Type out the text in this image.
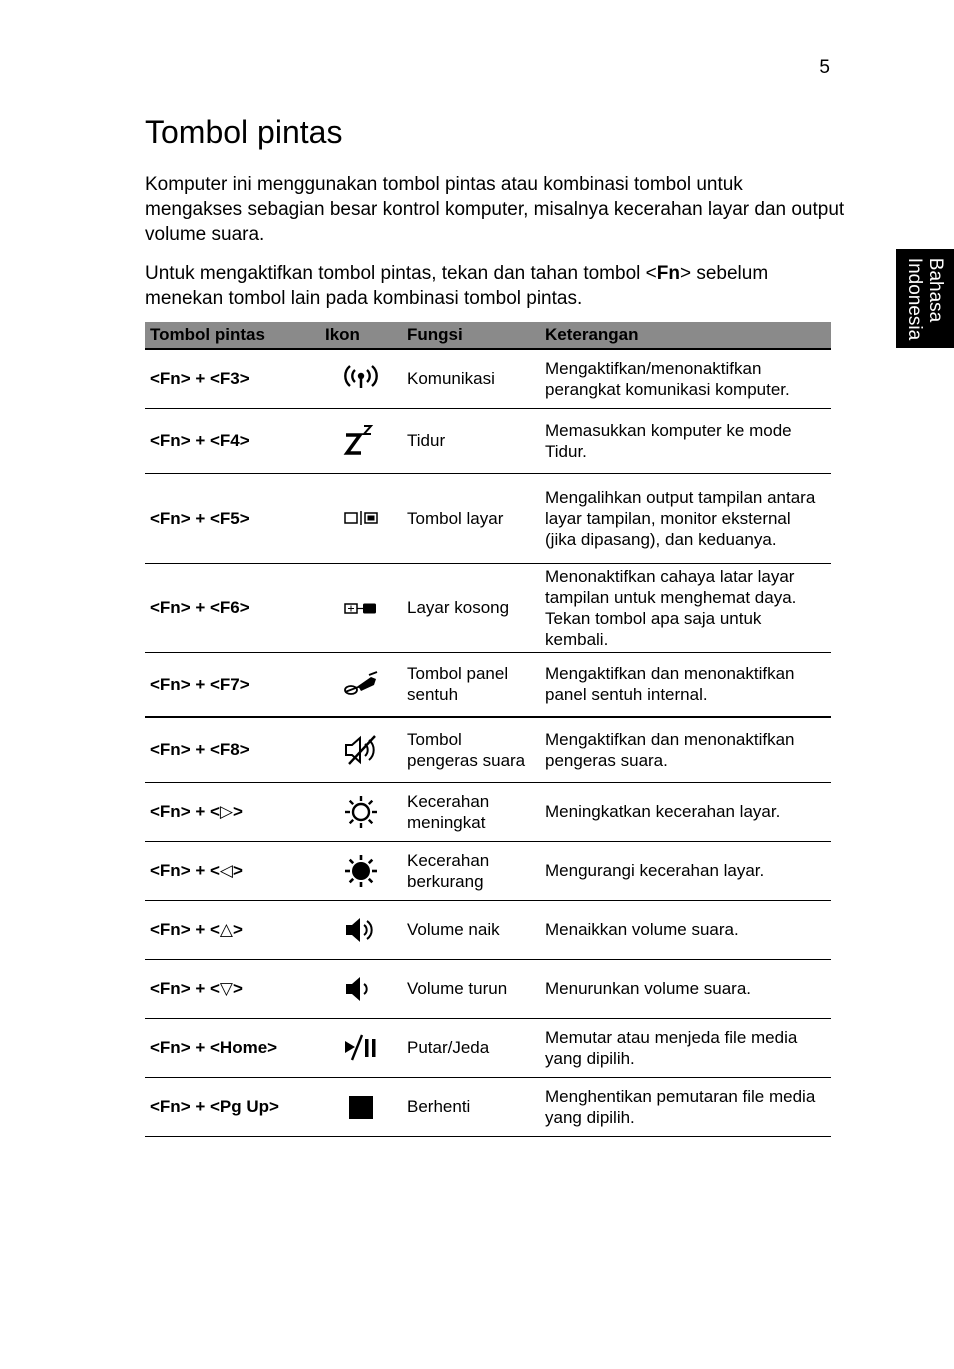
5
Bahasa
Indonesia
Tombol pintas

Komputer ini menggunakan tombol pintas atau kombinasi tombol untuk mengakses sebagian besar kontrol komputer, misalnya kecerahan layar dan output volume suara.

Untuk mengaktifkan tombol pintas, tekan dan tahan tombol <Fn> sebelum menekan tombol lain pada kombinasi tombol pintas.

Tombol pintas	Ikon	Fungsi	Keterangan
<Fn> + <F3>		Komunikasi	Mengaktifkan/menonaktifkan perangkat komunikasi komputer.
<Fn> + <F4>		Tidur	Memasukkan komputer ke mode Tidur.
<Fn> + <F5>		Tombol layar	Mengalihkan output tampilan antara layar tampilan, monitor eksternal (jika dipasang), dan keduanya.
<Fn> + <F6>		Layar kosong	Menonaktifkan cahaya latar layar tampilan untuk menghemat daya. Tekan tombol apa saja untuk kembali.
<Fn> + <F7>		Tombol panel sentuh	Mengaktifkan dan menonaktifkan panel sentuh internal.
<Fn> + <F8>		Tombol pengeras suara	Mengaktifkan dan menonaktifkan pengeras suara.
<Fn> + <▷>		Kecerahan meningkat	Meningkatkan kecerahan layar.
<Fn> + <◁>		Kecerahan berkurang	Mengurangi kecerahan layar.
<Fn> + <△>		Volume naik	Menaikkan volume suara.
<Fn> + <▽>		Volume turun	Menurunkan volume suara.
<Fn> + <Home>		Putar/Jeda	Memutar atau menjeda file media yang dipilih.
<Fn> + <Pg Up>		Berhenti	Menghentikan pemutaran file media yang dipilih.
